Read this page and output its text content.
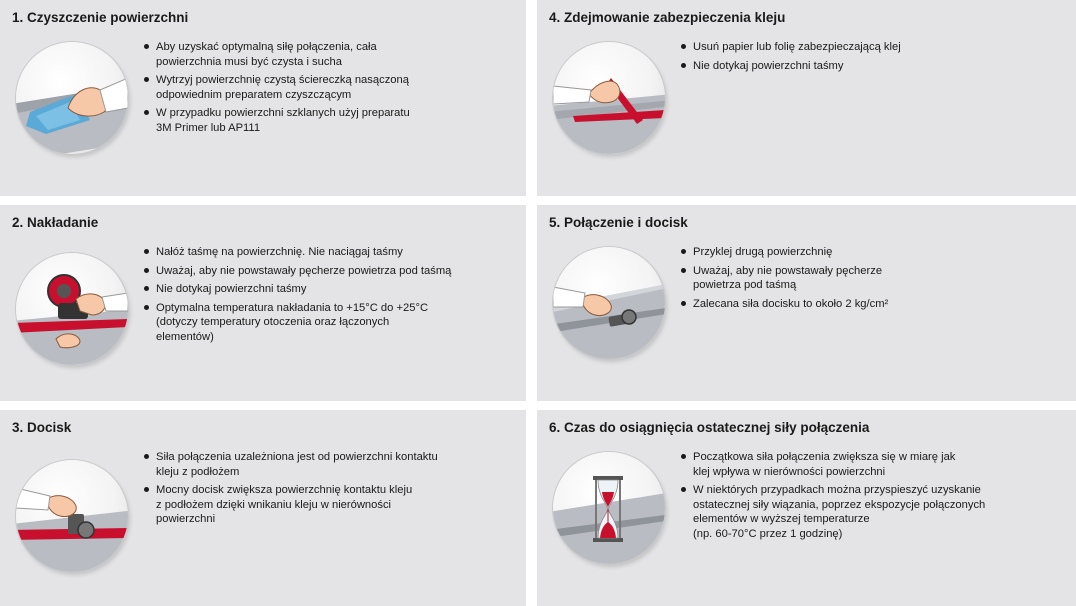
1. Czyszczenie powierzchni
Aby uzyskać optymalną siłę połączenia, cała
powierzchnia musi być czysta i sucha
Wytrzyj powierzchnię czystą ściereczką nasączoną
odpowiednim preparatem czyszczącym
W przypadku powierzchni szklanych użyj preparatu
3M Primer lub AP111
4. Zdejmowanie zabezpieczenia kleju
Usuń papier lub folię zabezpieczającą klej
Nie dotykaj powierzchni taśmy
2. Nakładanie
Nałóż taśmę na powierzchnię. Nie naciągaj taśmy
Uważaj, aby nie powstawały pęcherze powietrza pod taśmą
Nie dotykaj powierzchni taśmy
Optymalna temperatura nakładania to +15°C do +25°C
(dotyczy temperatury otoczenia oraz łączonych
elementów)
5. Połączenie i docisk
Przyklej drugą powierzchnię
Uważaj, aby nie powstawały pęcherze
powietrza pod taśmą
Zalecana siła docisku to około 2 kg/cm²
3. Docisk
Siła połączenia uzależniona jest od powierzchni kontaktu
kleju z podłożem
Mocny docisk zwiększa powierzchnię kontaktu kleju
z podłożem dzięki wnikaniu kleju w nierówności
powierzchni
6. Czas do osiągnięcia ostatecznej siły połączenia
Początkowa siła połączenia zwiększa się w miarę jak
klej wpływa w nierówności powierzchni
W niektórych przypadkach można przyspieszyć uzyskanie
ostatecznej siły wiązania, poprzez ekspozycje połączonych
elementów w wyższej temperaturze
(np. 60-70°C przez 1 godzinę)
